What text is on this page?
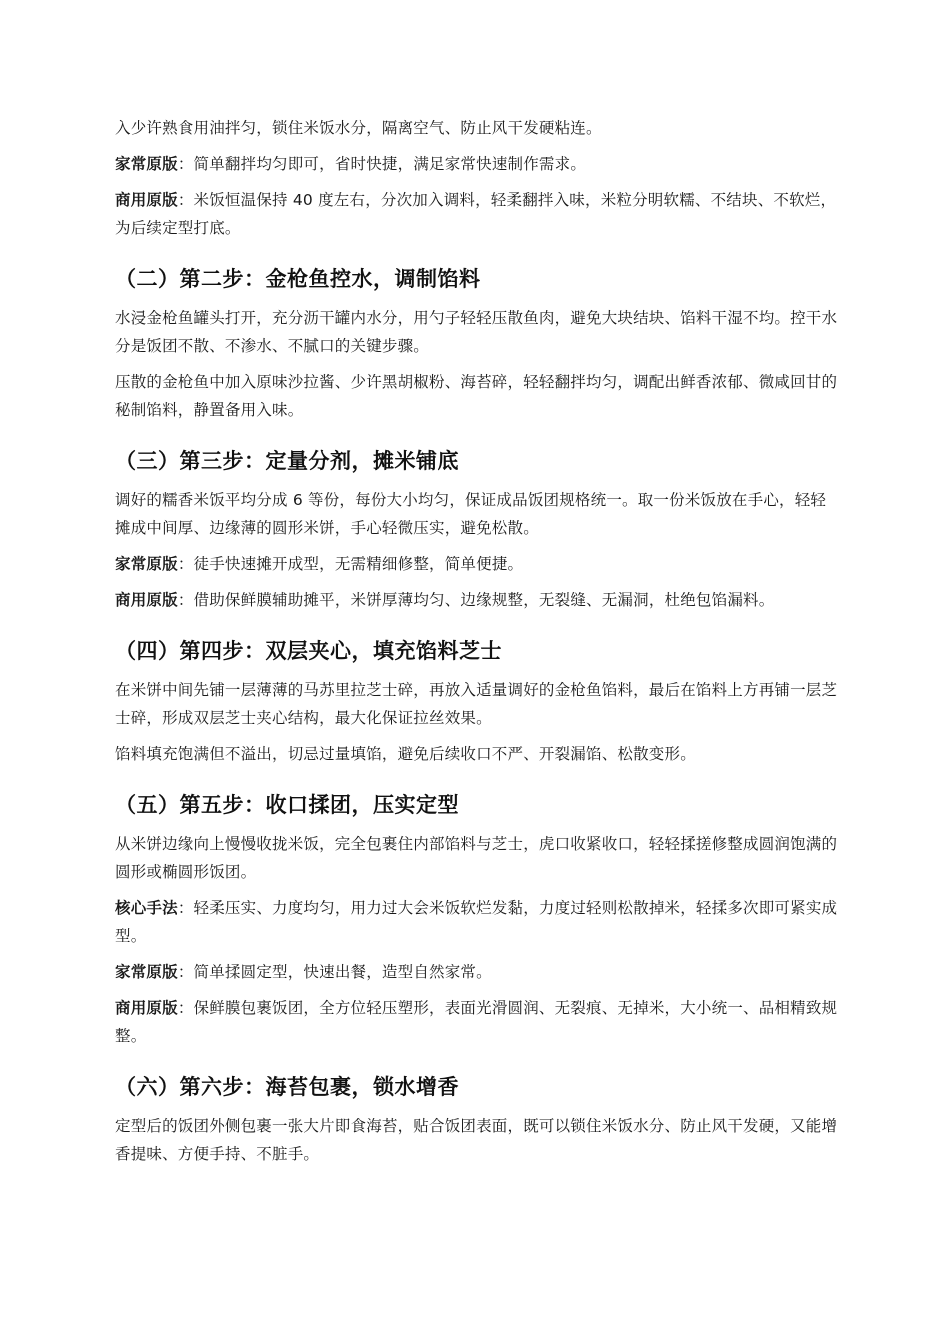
入少许熟食用油拌匀，锁住米饭水分，隔离空气、防止风干发硬粘连。

家常原版：简单翻拌均匀即可，省时快捷，满足家常快速制作需求。

商用原版：米饭恒温保持 40 度左右，分次加入调料，轻柔翻拌入味，米粒分明软糯、不结块、不软烂，为后续定型打底。

（二）第二步：金枪鱼控水，调制馅料

水浸金枪鱼罐头打开，充分沥干罐内水分，用勺子轻轻压散鱼肉，避免大块结块、馅料干湿不均。控干水分是饭团不散、不渗水、不腻口的关键步骤。

压散的金枪鱼中加入原味沙拉酱、少许黑胡椒粉、海苔碎，轻轻翻拌均匀，调配出鲜香浓郁、微咸回甘的秘制馅料，静置备用入味。

（三）第三步：定量分剂，摊米铺底

调好的糯香米饭平均分成 6 等份，每份大小均匀，保证成品饭团规格统一。取一份米饭放在手心，轻轻摊成中间厚、边缘薄的圆形米饼，手心轻微压实，避免松散。

家常原版：徒手快速摊开成型，无需精细修整，简单便捷。

商用原版：借助保鲜膜辅助摊平，米饼厚薄均匀、边缘规整，无裂缝、无漏洞，杜绝包馅漏料。

（四）第四步：双层夹心，填充馅料芝士

在米饼中间先铺一层薄薄的马苏里拉芝士碎，再放入适量调好的金枪鱼馅料，最后在馅料上方再铺一层芝士碎，形成双层芝士夹心结构，最大化保证拉丝效果。

馅料填充饱满但不溢出，切忌过量填馅，避免后续收口不严、开裂漏馅、松散变形。

（五）第五步：收口揉团，压实定型

从米饼边缘向上慢慢收拢米饭，完全包裹住内部馅料与芝士，虎口收紧收口，轻轻揉搓修整成圆润饱满的圆形或椭圆形饭团。

核心手法：轻柔压实、力度均匀，用力过大会米饭软烂发黏，力度过轻则松散掉米，轻揉多次即可紧实成型。

家常原版：简单揉圆定型，快速出餐，造型自然家常。

商用原版：保鲜膜包裹饭团，全方位轻压塑形，表面光滑圆润、无裂痕、无掉米，大小统一、品相精致规整。

（六）第六步：海苔包裹，锁水增香

定型后的饭团外侧包裹一张大片即食海苔，贴合饭团表面，既可以锁住米饭水分、防止风干发硬，又能增香提味、方便手持、不脏手。
